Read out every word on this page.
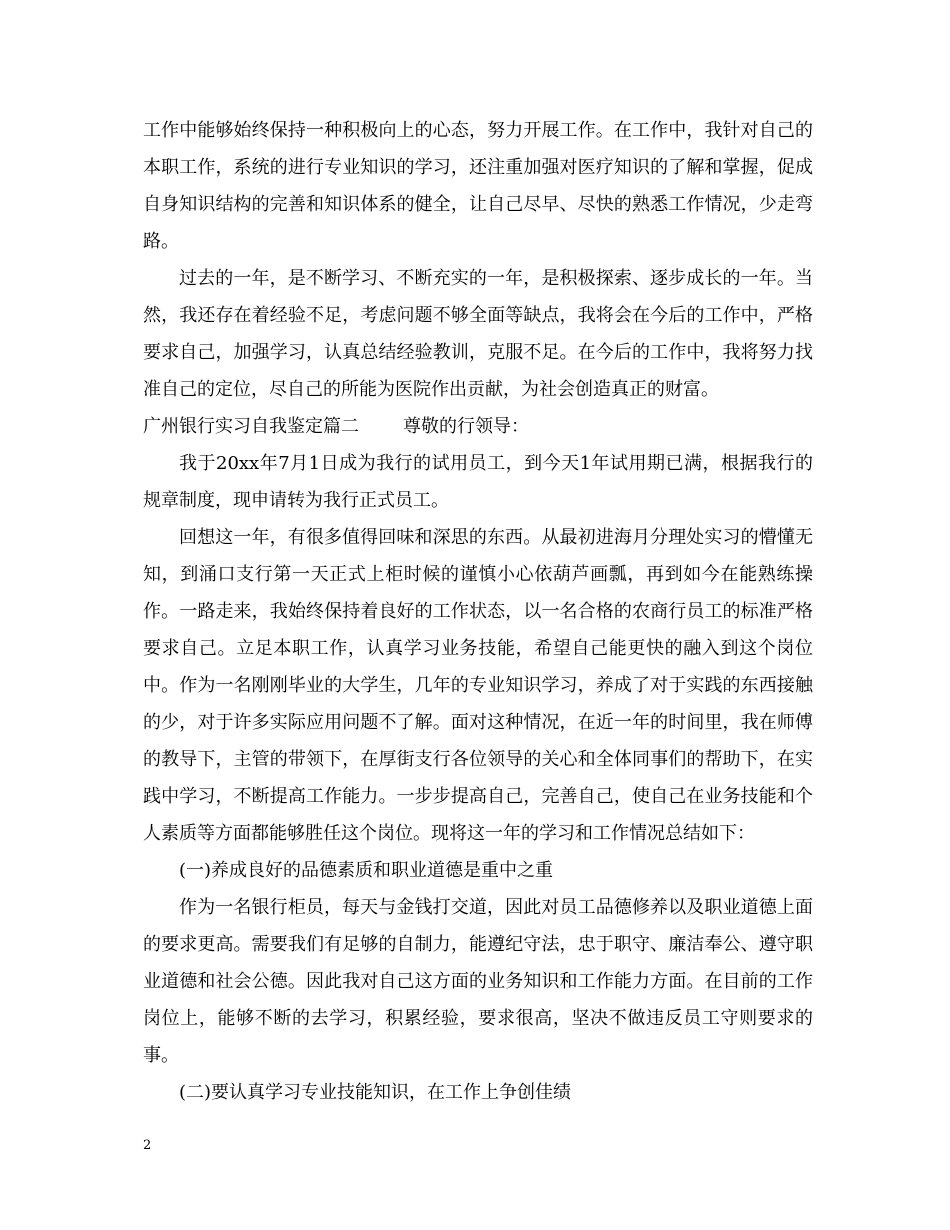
工作中能够始终保持一种积极向上的心态，努力开展工作。在工作中，我针对自己的本职工作，系统的进行专业知识的学习，还注重加强对医疗知识的了解和掌握，促成自身知识结构的完善和知识体系的健全，让自己尽早、尽快的熟悉工作情况，少走弯路。

过去的一年，是不断学习、不断充实的一年，是积极探索、逐步成长的一年。当然，我还存在着经验不足，考虑问题不够全面等缺点，我将会在今后的工作中，严格要求自己，加强学习，认真总结经验教训，克服不足。在今后的工作中，我将努力找准自己的定位，尽自己的所能为医院作出贡献，为社会创造真正的财富。

广州银行实习自我鉴定篇二 尊敬的行领导：

我于20xx年7月1日成为我行的试用员工，到今天1年试用期已满，根据我行的规章制度，现申请转为我行正式员工。

回想这一年，有很多值得回味和深思的东西。从最初进海月分理处实习的懵懂无知，到涌口支行第一天正式上柜时候的谨慎小心依葫芦画瓢，再到如今在能熟练操作。一路走来，我始终保持着良好的工作状态，以一名合格的农商行员工的标准严格要求自己。立足本职工作，认真学习业务技能，希望自己能更快的融入到这个岗位中。作为一名刚刚毕业的大学生，几年的专业知识学习，养成了对于实践的东西接触的少，对于许多实际应用问题不了解。面对这种情况，在近一年的时间里，我在师傅的教导下，主管的带领下，在厚街支行各位领导的关心和全体同事们的帮助下，在实践中学习，不断提高工作能力。一步步提高自己，完善自己，使自己在业务技能和个人素质等方面都能够胜任这个岗位。现将这一年的学习和工作情况总结如下：

(一)养成良好的品德素质和职业道德是重中之重

作为一名银行柜员，每天与金钱打交道，因此对员工品德修养以及职业道德上面的要求更高。需要我们有足够的自制力，能遵纪守法，忠于职守、廉洁奉公、遵守职业道德和社会公德。因此我对自己这方面的业务知识和工作能力方面。在目前的工作岗位上，能够不断的去学习，积累经验，要求很高，坚决不做违反员工守则要求的事。

(二)要认真学习专业技能知识，在工作上争创佳绩

2
